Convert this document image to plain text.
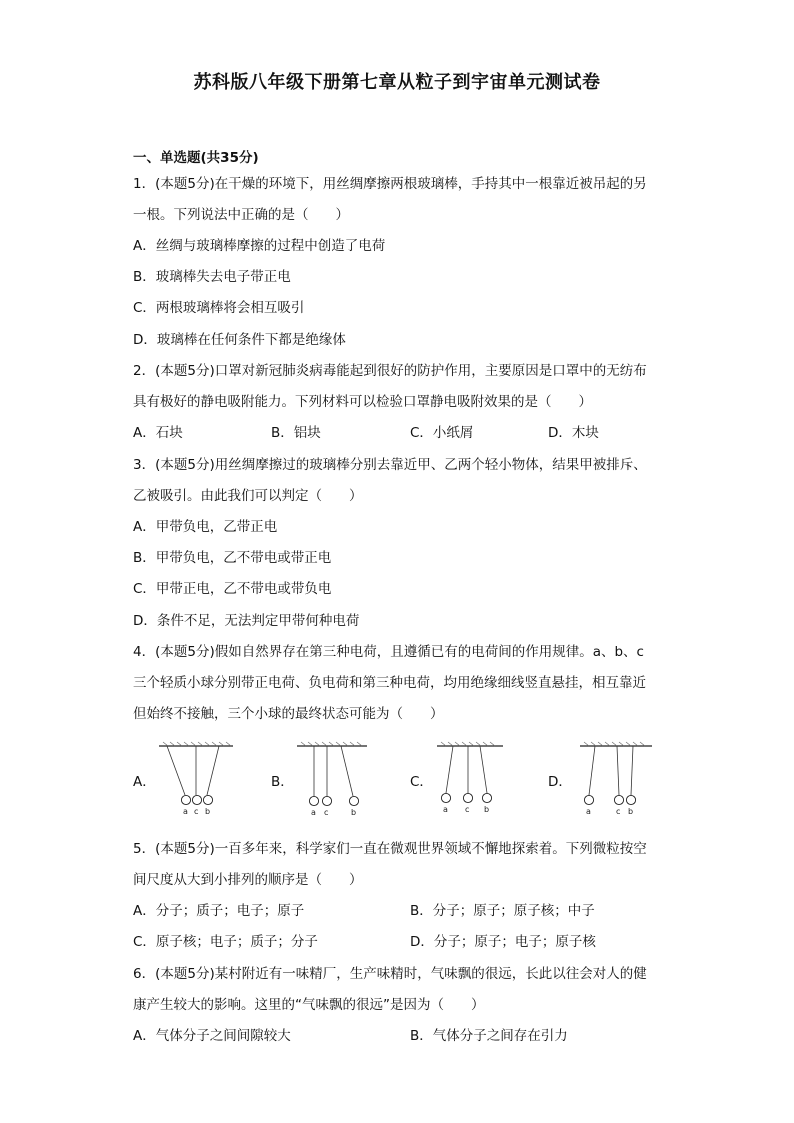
苏科版八年级下册第七章从粒子到宇宙单元测试卷
一、单选题(共35分)
1．(本题5分)在干燥的环境下，用丝绸摩擦两根玻璃棒，手持其中一根靠近被吊起的另
一根。下列说法中正确的是（　　）
A．丝绸与玻璃棒摩擦的过程中创造了电荷
B．玻璃棒失去电子带正电
C．两根玻璃棒将会相互吸引
D．玻璃棒在任何条件下都是绝缘体
2．(本题5分)口罩对新冠肺炎病毒能起到很好的防护作用，主要原因是口罩中的无纺布
具有极好的静电吸附能力。下列材料可以检验口罩静电吸附效果的是（　　）
A．石块	B．铝块	C．小纸屑	D．木块
3．(本题5分)用丝绸摩擦过的玻璃棒分别去靠近甲、乙两个轻小物体，结果甲被排斥、
乙被吸引。由此我们可以判定（　　）
A．甲带负电，乙带正电
B．甲带负电，乙不带电或带正电
C．甲带正电，乙不带电或带负电
D．条件不足，无法判定甲带何种电荷
4．(本题5分)假如自然界存在第三种电荷，且遵循已有的电荷间的作用规律。a、b、c
三个轻质小球分别带正电荷、负电荷和第三种电荷，均用绝缘细线竖直悬挂，相互靠近
但始终不接触，三个小球的最终状态可能为（　　）
A．	B．	C．	D．
a c b	a c	b	a c b	a	c b
5．(本题5分)一百多年来，科学家们一直在微观世界领域不懈地探索着。下列微粒按空
间尺度从大到小排列的顺序是（　　）
A．分子；质子；电子；原子	B．分子；原子；原子核；中子
C．原子核；电子；质子；分子	D．分子；原子；电子；原子核
6．(本题5分)某村附近有一味精厂，生产味精时，气味飘的很远，长此以往会对人的健
康产生较大的影响。这里的“气味飘的很远”是因为（　　）
A．气体分子之间间隙较大	B．气体分子之间存在引力
